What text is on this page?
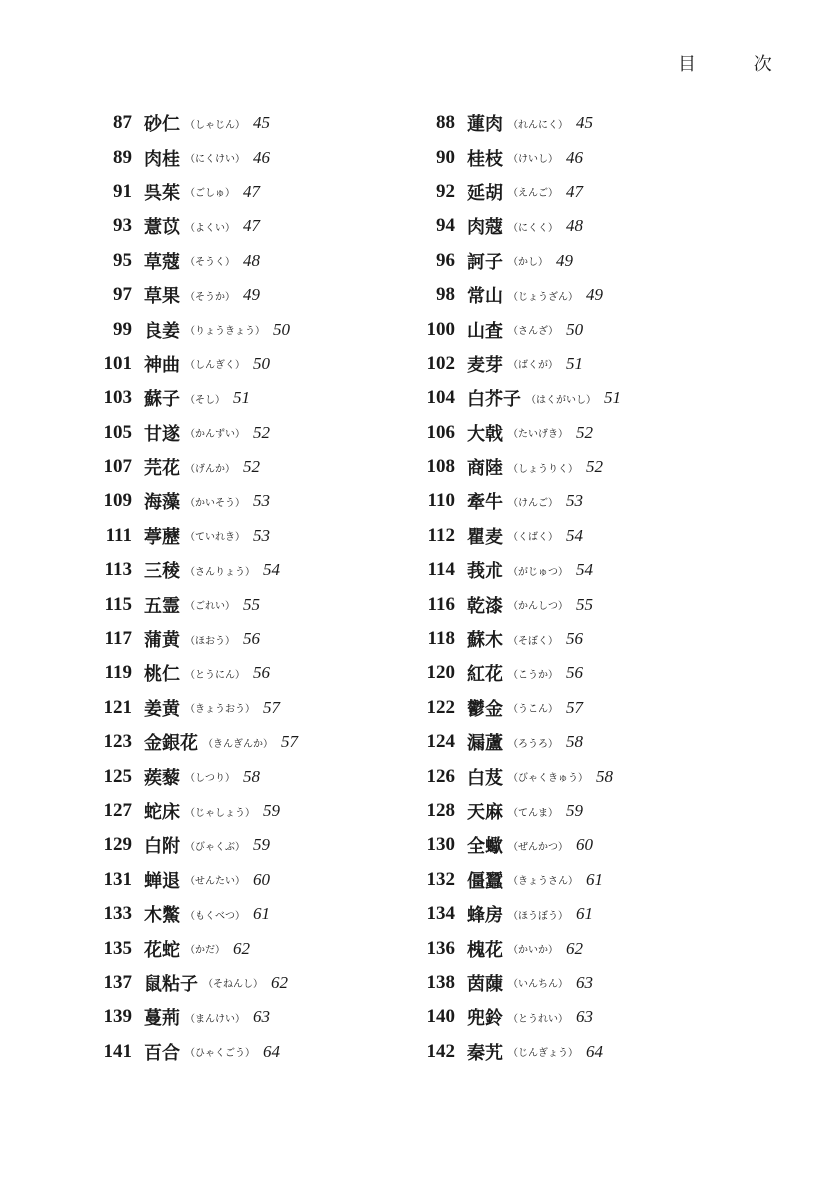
目 次
87 砂仁 （しゃじん） 45
89 肉桂 （にくけい） 46
91 呉茱 （ごしゅ） 47
93 薏苡 （よくい） 47
95 草蔻 （そうく） 48
97 草果 （そうか） 49
99 良姜 （りょうきょう） 50
101 神曲 （しんぎく） 50
103 蘇子 （そし） 51
105 甘遂 （かんずい） 52
107 芫花 （げんか） 52
109 海藻 （かいそう） 53
111 葶藶 （ていれき） 53
113 三稜 （さんりょう） 54
115 五霊 （ごれい） 55
117 蒲黄 （ほおう） 56
119 桃仁 （とうにん） 56
121 姜黄 （きょうおう） 57
123 金銀花 （きんぎんか） 57
125 蒺藜 （しつり） 58
127 蛇床 （じゃしょう） 59
129 白附 （びゃくぶ） 59
131 蝉退 （せんたい） 60
133 木鱉 （もくべつ） 61
135 花蛇 （かだ） 62
137 鼠粘子 （そねんし） 62
139 蔓荊 （まんけい） 63
141 百合 （ひゃくごう） 64
88 蓮肉 （れんにく） 45
90 桂枝 （けいし） 46
92 延胡 （えんご） 47
94 肉蔻 （にくく） 48
96 訶子 （かし） 49
98 常山 （じょうざん） 49
100 山査 （さんざ） 50
102 麦芽 （ばくが） 51
104 白芥子 （はくがいし） 51
106 大戟 （たいげき） 52
108 商陸 （しょうりく） 52
110 牽牛 （けんご） 53
112 瞿麦 （くばく） 54
114 莪朮 （がじゅつ） 54
116 乾漆 （かんしつ） 55
118 蘇木 （そぼく） 56
120 紅花 （こうか） 56
122 鬱金 （うこん） 57
124 漏蘆 （ろうろ） 58
126 白芨 （びゃくきゅう） 58
128 天麻 （てんま） 59
130 全蠍 （ぜんかつ） 60
132 僵蠶 （きょうさん） 61
134 蜂房 （ほうぼう） 61
136 槐花 （かいか） 62
138 茵蔯 （いんちん） 63
140 兜鈴 （とうれい） 63
142 秦艽 （じんぎょう） 64
